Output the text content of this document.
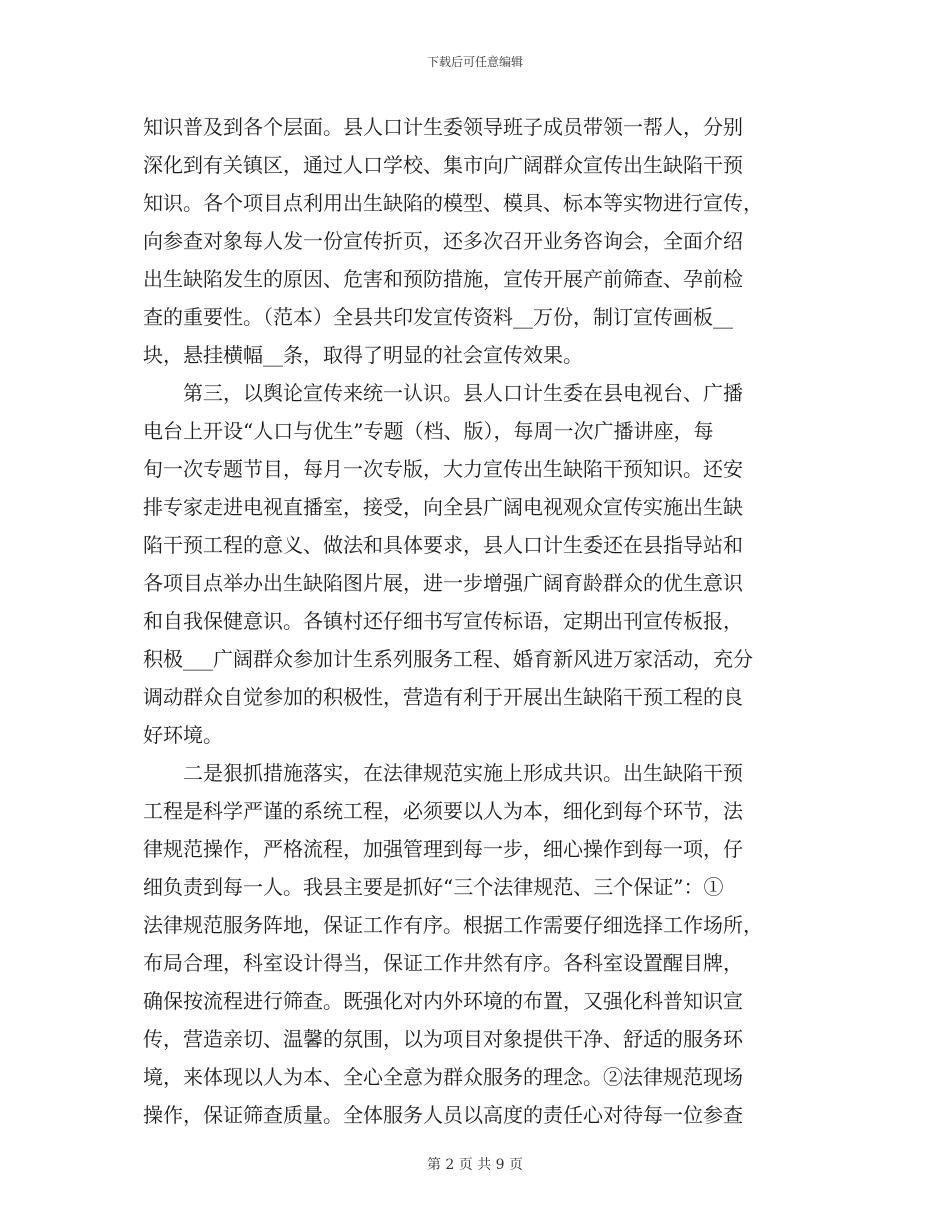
下载后可任意编辑
知识普及到各个层面。县人口计生委领导班子成员带领一帮人，分别
深化到有关镇区，通过人口学校、集市向广阔群众宣传出生缺陷干预
知识。各个项目点利用出生缺陷的模型、模具、标本等实物进行宣传，
向参查对象每人发一份宣传折页，还多次召开业务咨询会，全面介绍
出生缺陷发生的原因、危害和预防措施，宣传开展产前筛查、孕前检
查的重要性。（范本）全县共印发宣传资料__万份，制订宣传画板__
块，悬挂横幅__条，取得了明显的社会宣传效果。
第三，以舆论宣传来统一认识。县人口计生委在县电视台、广播
电台上开设“人口与优生”专题（档、版），每周一次广播讲座，每
旬一次专题节目，每月一次专版，大力宣传出生缺陷干预知识。还安
排专家走进电视直播室，接受，向全县广阔电视观众宣传实施出生缺
陷干预工程的意义、做法和具体要求，县人口计生委还在县指导站和
各项目点举办出生缺陷图片展，进一步增强广阔育龄群众的优生意识
和自我保健意识。各镇村还仔细书写宣传标语，定期出刊宣传板报，
积极___广阔群众参加计生系列服务工程、婚育新风进万家活动，充分
调动群众自觉参加的积极性，营造有利于开展出生缺陷干预工程的良
好环境。
二是狠抓措施落实，在法律规范实施上形成共识。出生缺陷干预
工程是科学严谨的系统工程，必须要以人为本，细化到每个环节，法
律规范操作，严格流程，加强管理到每一步，细心操作到每一项，仔
细负责到每一人。我县主要是抓好“三个法律规范、三个保证”：①
法律规范服务阵地，保证工作有序。根据工作需要仔细选择工作场所，
布局合理，科室设计得当，保证工作井然有序。各科室设置醒目牌，
确保按流程进行筛查。既强化对内外环境的布置，又强化科普知识宣
传，营造亲切、温馨的氛围，以为项目对象提供干净、舒适的服务环
境，来体现以人为本、全心全意为群众服务的理念。②法律规范现场
操作，保证筛查质量。全体服务人员以高度的责任心对待每一位参查
第 2 页 共 9 页
